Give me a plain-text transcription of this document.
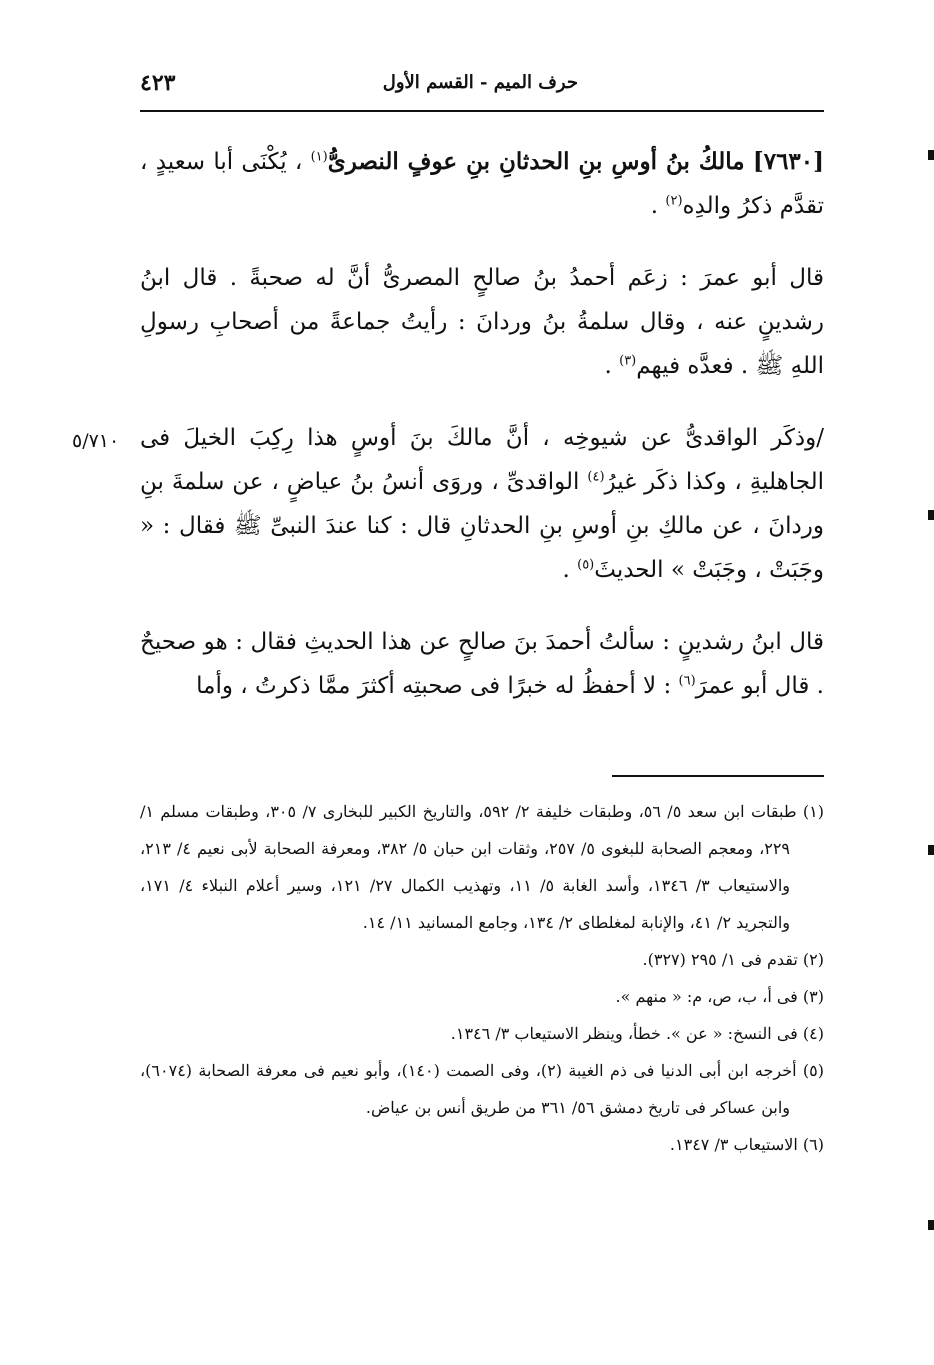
حرف الميم - القسم الأول
٤٢٣

[٧٦٣٠] مالكُ بنُ أوسِ بنِ الحدثانِ بنِ عوفٍ النصرىُّ$^{(١)}$ ، يُكْنَى أبا سعيدٍ ، تقدَّم ذكرُ والدِه$^{(٢)}$ .

قال أبو عمرَ : زعَم أحمدُ بنُ صالحٍ المصرىُّ أنَّ له صحبةً . قال ابنُ رشدينٍ عنه ، وقال سلمةُ بنُ وردانَ : رأيتُ جماعةً من أصحابِ رسولِ اللهِ ﷺ . فعدَّه فيهم$^{(٣)}$ .

/وذكَر الواقدىُّ عن شيوخِه ، أنَّ مالكَ بنَ أوسٍ هذا رِكِبَ الخيلَ فى الجاهليةِ ، وكذا ذكَر غيرُ$^{(٤)}$ الواقدىِّ ، وروَى أنسُ بنُ عياضٍ ، عن سلمةَ بنِ وردانَ ، عن مالكِ بنِ أوسِ بنِ الحدثانِ قال : كنا عندَ النبىِّ ﷺ فقال : « وجَبَتْ ، وجَبَتْ » الحديثَ$^{(٥)}$ .

قال ابنُ رشدينٍ : سألتُ أحمدَ بنَ صالحٍ عن هذا الحديثِ فقال : هو صحيحٌ . قال أبو عمرَ$^{(٦)}$ : لا أحفظُ له خبرًا فى صحبتِه أكثرَ ممَّا ذكرتُ ، وأما

٥/٧١٠

(١) طبقات ابن سعد ٥/ ٥٦، وطبقات خليفة ٢/ ٥٩٢، والتاريخ الكبير للبخارى ٧/ ٣٠٥، وطبقات مسلم ١/ ٢٢٩، ومعجم الصحابة للبغوى ٥/ ٢٥٧، وثقات ابن حبان ٥/ ٣٨٢، ومعرفة الصحابة لأبى نعيم ٤/ ٢١٣، والاستيعاب ٣/ ١٣٤٦، وأسد الغابة ٥/ ١١، وتهذيب الكمال ٢٧/ ١٢١، وسير أعلام النبلاء ٤/ ١٧١، والتجريد ٢/ ٤١، والإنابة لمغلطاى ٢/ ١٣٤، وجامع المسانيد ١١/ ١٤.

(٢) تقدم فى ١/ ٢٩٥ (٣٢٧).

(٣) فى أ، ب، ص، م: « منهم ».

(٤) فى النسخ: « عن ». خطأ، وينظر الاستيعاب ٣/ ١٣٤٦.

(٥) أخرجه ابن أبى الدنيا فى ذم الغيبة (٢)، وفى الصمت (١٤٠)، وأبو نعيم فى معرفة الصحابة (٦٠٧٤)، وابن عساكر فى تاريخ دمشق ٥٦/ ٣٦١ من طريق أنس بن عياض.

(٦) الاستيعاب ٣/ ١٣٤٧.
